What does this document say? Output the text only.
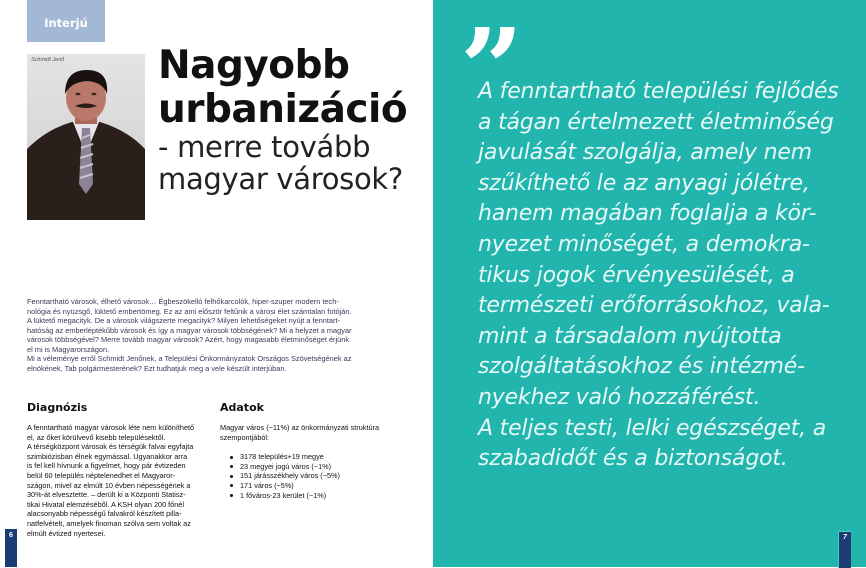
Interjú
Schmidt Jenő Nagyobb
urbanizáció
- merre tovább
magyar városok?

Fenntartható városok, élhető városok… Égbeszökelló felhőkarcolók, hiper-szuper modern tech-

nológia és nyüzsgő, lüktető embertömeg. Ez az ami először feltűnik a városi élet számtalan fotóján.

A lüktető megacityk. De a városok világszerte megacityk? Milyen lehetőségeket nyújt a fenntart-

hatóság az emberléptékűbb városok és így a magyar városok többségének? Mi a helyzet a magyar

városok többségével? Merre tovább magyar városok? Azért, hogy magasabb életminőséget érjünk

el mi is Magyarországon.

Mi a véleménye erről Schmidt Jenőnek, a Települési Önkormányzatok Országos Szövetségének az

elnökének, Tab polgármesterének? Ezt tudhatjuk meg a vele készült interjúban.

Diagnózis

A fenntartható magyar városok léte nem különíthető

el, az őket körülvevő kisebb településektől.

A térségközpont városok és térségük falvai egyfajta

szimbiózisban élnek egymással. Ugyanakkor arra

is fel kell hívnunk a figyelmet, hogy pár évtizeden

belül 60 település néptelenedhet el Magyaror-

szágon, mivel az elmúlt 10 évben népességének a

30%-át elvesztette. – derült ki a Központi Statisz-

tikai Hivatal elemzéséből. A KSH olyan 200 főnél

alacsonyabb népességű falvakról készített pilla-

natfelvételt, amelyek finoman szólva sem voltak az

elmúlt évtized nyertesei.

Adatok

Magyar város (~11%) az önkormányzati struktúra

szempontjából:

3178 település+19 megye
23 megyei jogú város (~1%)
151 járásszékhely város (~5%)
171 város (~5%)
1 főváros-23 kerület (~1%)
6
”
A fenntartható települési fejlődés
a tágan értelmezett életminőség
javulását szolgálja, amely nem
szűkíthető le az anyagi jólétre,
hanem magában foglalja a kör-
nyezet minőségét, a demokra-
tikus jogok érvényesülését, a
természeti erőforrásokhoz, vala-
mint a társadalom nyújtotta
szolgáltatásokhoz és intézmé-
nyekhez való hozzáférést.
A teljes testi, lelki egészséget, a
szabadidőt és a biztonságot.
7
